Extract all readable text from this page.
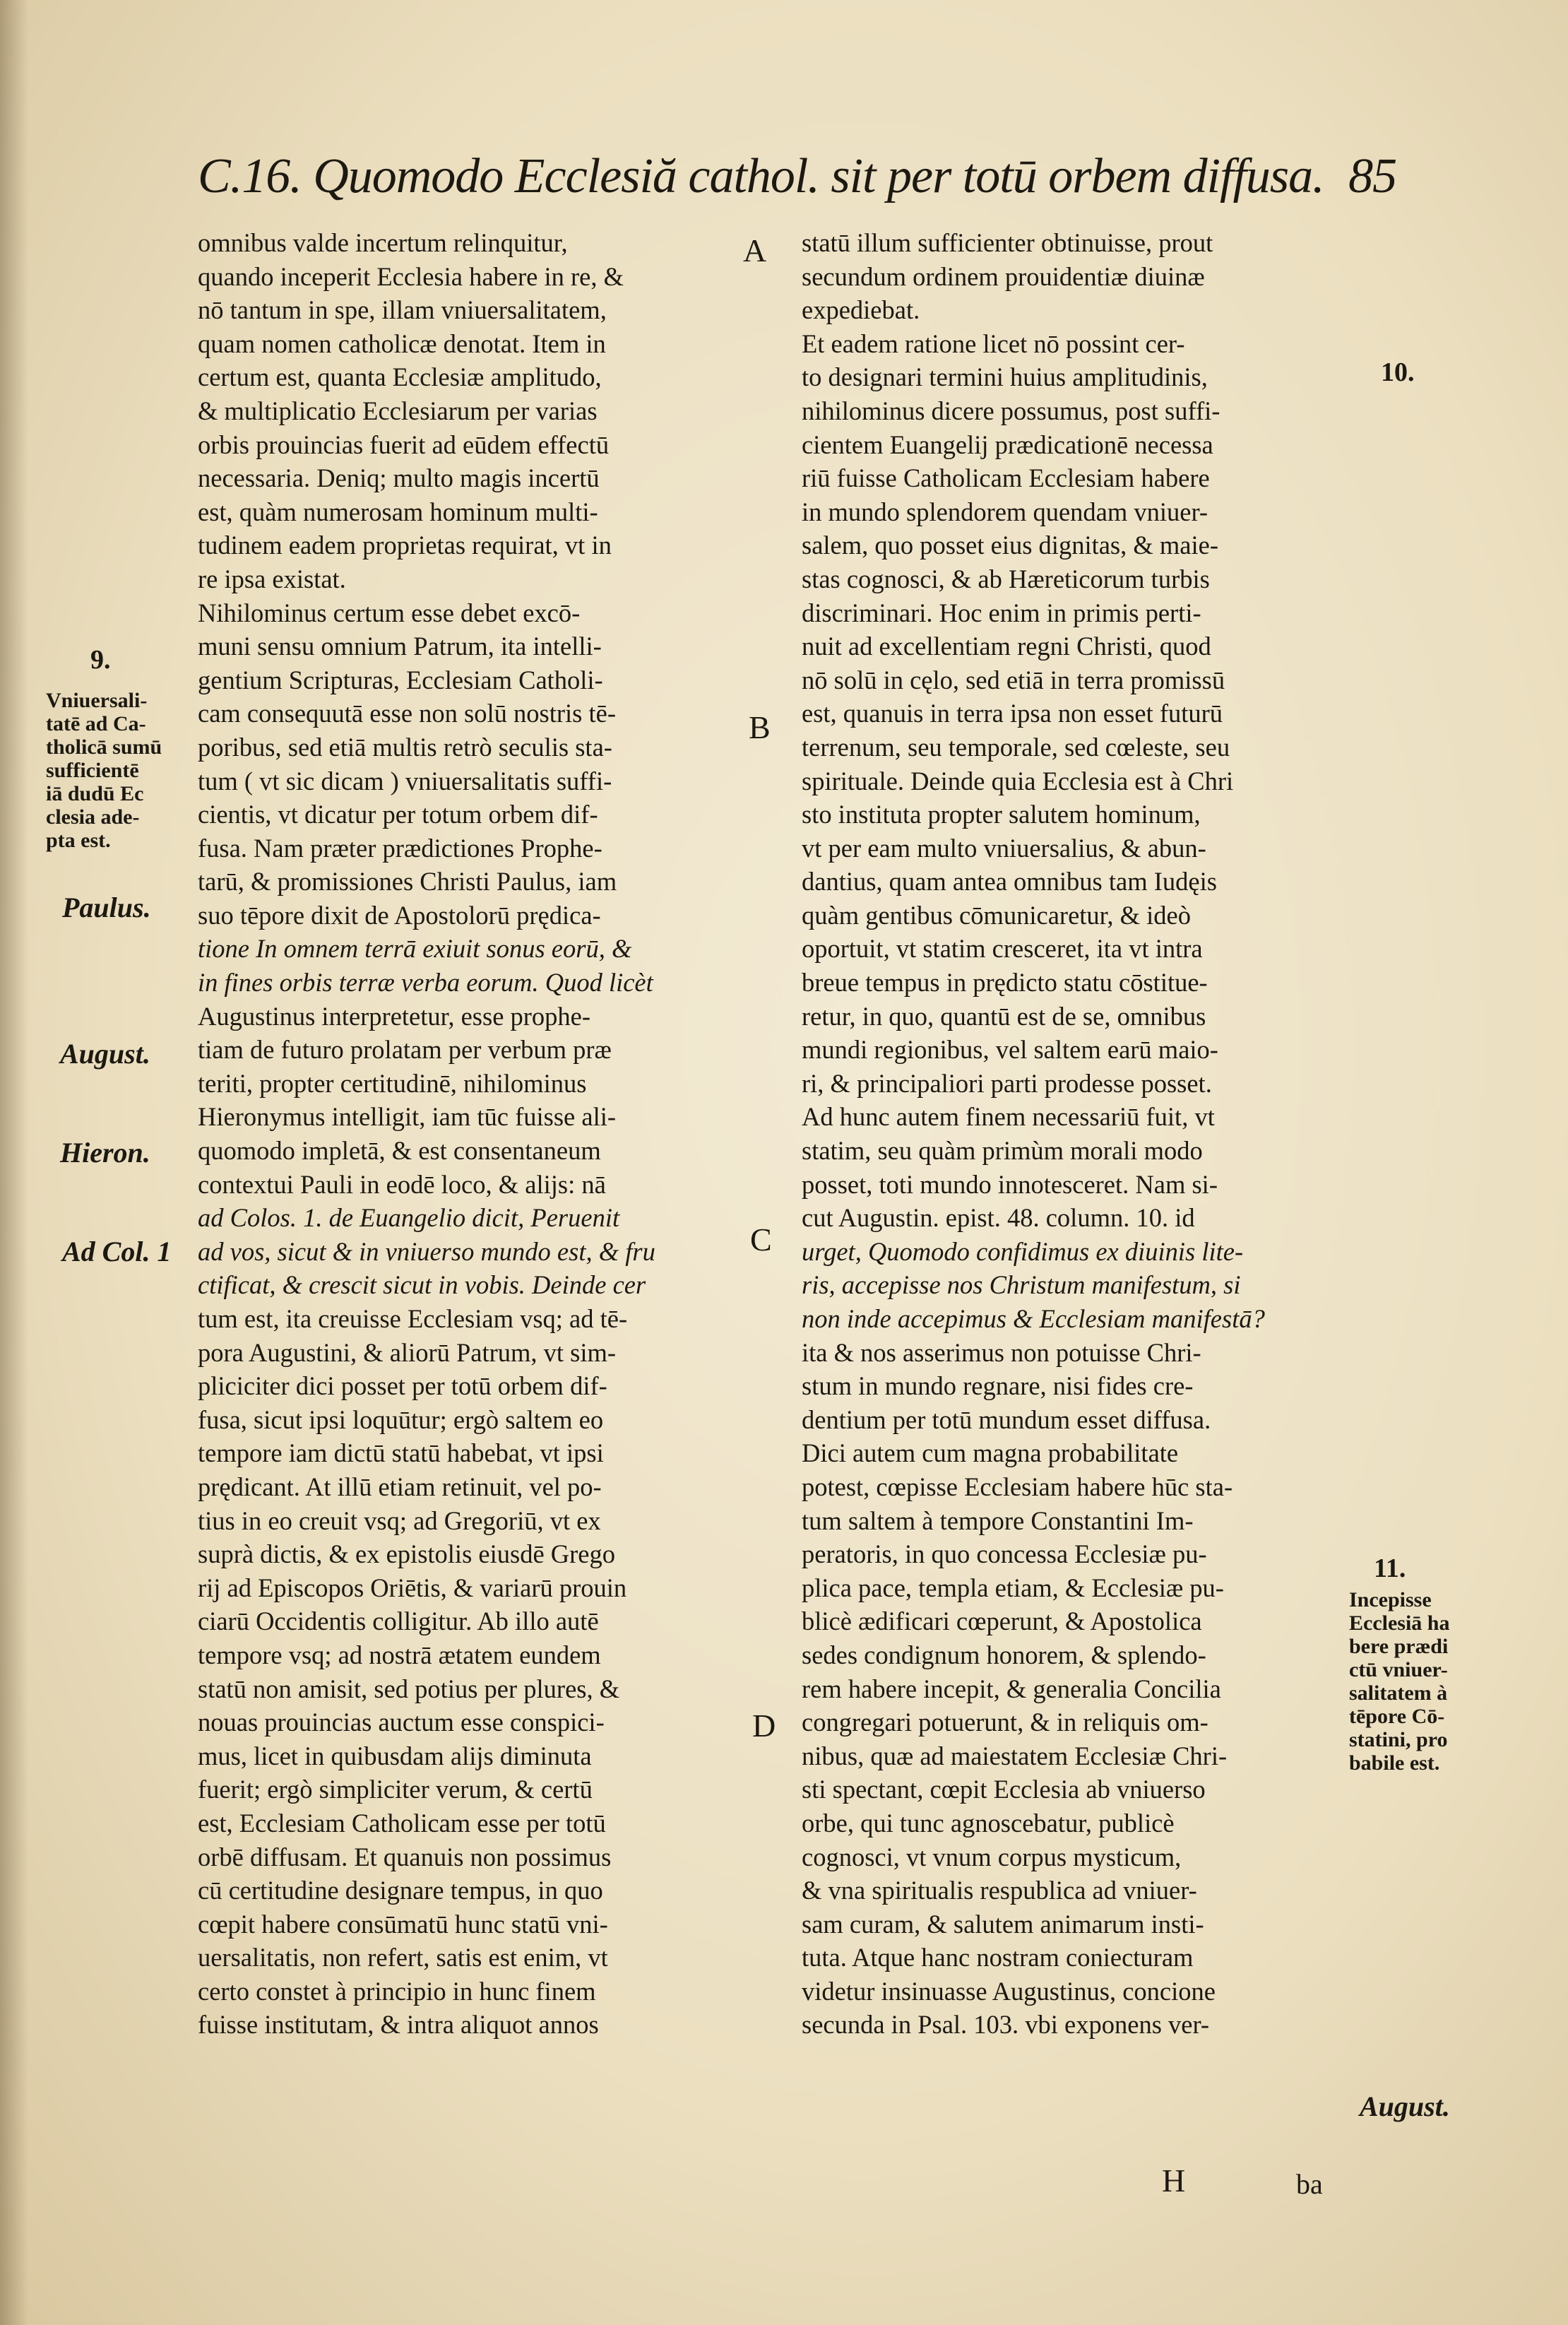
C.16. Quomodo Ecclesiă cathol. sit per totū orbem diffusa. 85
omnibus valde incertum relinquitur,
quando inceperit Ecclesia habere in re, &
nō tantum in spe, illam vniuersalitatem,
quam nomen catholicæ denotat. Item in
certum est, quanta Ecclesiæ amplitudo,
& multiplicatio Ecclesiarum per varias
orbis prouincias fuerit ad eūdem effectū
necessaria. Deniq; multo magis incertū
est, quàm numerosam hominum multi-
tudinem eadem proprietas requirat, vt in
re ipsa existat.
Nihilominus certum esse debet excō-
muni sensu omnium Patrum, ita intelli-
gentium Scripturas, Ecclesiam Catholi-
cam consequutā esse non solū nostris tē-
poribus, sed etiā multis retrò seculis sta-
tum ( vt sic dicam ) vniuersalitatis suffi-
cientis, vt dicatur per totum orbem dif-
fusa. Nam præter prædictiones Prophe-
tarū, & promissiones Christi Paulus, iam
suo tēpore dixit de Apostolorū prędica-
tione In omnem terrā exiuit sonus eorū, &
in fines orbis terræ verba eorum. Quod licèt
Augustinus interpretetur, esse prophe-
tiam de futuro prolatam per verbum præ
teriti, propter certitudinē, nihilominus
Hieronymus intelligit, iam tūc fuisse ali-
quomodo impletā, & est consentaneum
contextui Pauli in eodē loco, & alijs: nā
ad Colos. 1. de Euangelio dicit, Peruenit
ad vos, sicut & in vniuerso mundo est, & fru
ctificat, & crescit sicut in vobis. Deinde cer
tum est, ita creuisse Ecclesiam vsq; ad tē-
pora Augustini, & aliorū Patrum, vt sim-
pliciciter dici posset per totū orbem dif-
fusa, sicut ipsi loquūtur; ergò saltem eo
tempore iam dictū statū habebat, vt ipsi
prędicant. At illū etiam retinuit, vel po-
tius in eo creuit vsq; ad Gregoriū, vt ex
suprà dictis, & ex epistolis eiusdē Grego
rij ad Episcopos Oriētis, & variarū prouin
ciarū Occidentis colligitur. Ab illo autē
tempore vsq; ad nostrā ætatem eundem
statū non amisit, sed potius per plures, &
nouas prouincias auctum esse conspici-
mus, licet in quibusdam alijs diminuta
fuerit; ergò simpliciter verum, & certū
est, Ecclesiam Catholicam esse per totū
orbē diffusam. Et quanuis non possimus
cū certitudine designare tempus, in quo
cœpit habere consūmatū hunc statū vni-
uersalitatis, non refert, satis est enim, vt
certo constet à principio in hunc finem
fuisse institutam, & intra aliquot annos
statū illum sufficienter obtinuisse, prout
secundum ordinem prouidentiæ diuinæ
expediebat.
Et eadem ratione licet nō possint cer-
to designari termini huius amplitudinis,
nihilominus dicere possumus, post suffi-
cientem Euangelij prædicationē necessa
riū fuisse Catholicam Ecclesiam habere
in mundo splendorem quendam vniuer-
salem, quo posset eius dignitas, & maie-
stas cognosci, & ab Hæreticorum turbis
discriminari. Hoc enim in primis perti-
nuit ad excellentiam regni Christi, quod
nō solū in cęlo, sed etiā in terra promissū
est, quanuis in terra ipsa non esset futurū
terrenum, seu temporale, sed cœleste, seu
spirituale. Deinde quia Ecclesia est à Chri
sto instituta propter salutem hominum,
vt per eam multo vniuersalius, & abun-
dantius, quam antea omnibus tam Iudęis
quàm gentibus cōmunicaretur, & ideò
oportuit, vt statim cresceret, ita vt intra
breue tempus in prędicto statu cōstitue-
retur, in quo, quantū est de se, omnibus
mundi regionibus, vel saltem earū maio-
ri, & principaliori parti prodesse posset.
Ad hunc autem finem necessariū fuit, vt
statim, seu quàm primùm morali modo
posset, toti mundo innotesceret. Nam si-
cut Augustin. epist. 48. column. 10. id
urget, Quomodo confidimus ex diuinis lite-
ris, accepisse nos Christum manifestum, si
non inde accepimus & Ecclesiam manifestā?
ita & nos asserimus non potuisse Chri-
stum in mundo regnare, nisi fides cre-
dentium per totū mundum esset diffusa.
Dici autem cum magna probabilitate
potest, cœpisse Ecclesiam habere hūc sta-
tum saltem à tempore Constantini Im-
peratoris, in quo concessa Ecclesiæ pu-
plica pace, templa etiam, & Ecclesiæ pu-
blicè ædificari cœperunt, & Apostolica
sedes condignum honorem, & splendo-
rem habere incepit, & generalia Concilia
congregari potuerunt, & in reliquis om-
nibus, quæ ad maiestatem Ecclesiæ Chri-
sti spectant, cœpit Ecclesia ab vniuerso
orbe, qui tunc agnoscebatur, publicè
cognosci, vt vnum corpus mysticum,
& vna spiritualis respublica ad vniuer-
sam curam, & salutem animarum insti-
tuta. Atque hanc nostram coniecturam
videtur insinuasse Augustinus, concione
secunda in Psal. 103. vbi exponens ver-
A
B
C
D
9.
Vniuersali-
tatē ad Ca-
tholicā sumū
sufficientē
iā dudū Ec
clesia ade-
pta est.
Paulus.
August.
Hieron.
Ad Col. 1
10.
11.
Incepisse
Ecclesiā ha
bere prædi
ctū vniuer-
salitatem à
tēpore Cō-
statini, pro
babile est.
August.
H	ba
